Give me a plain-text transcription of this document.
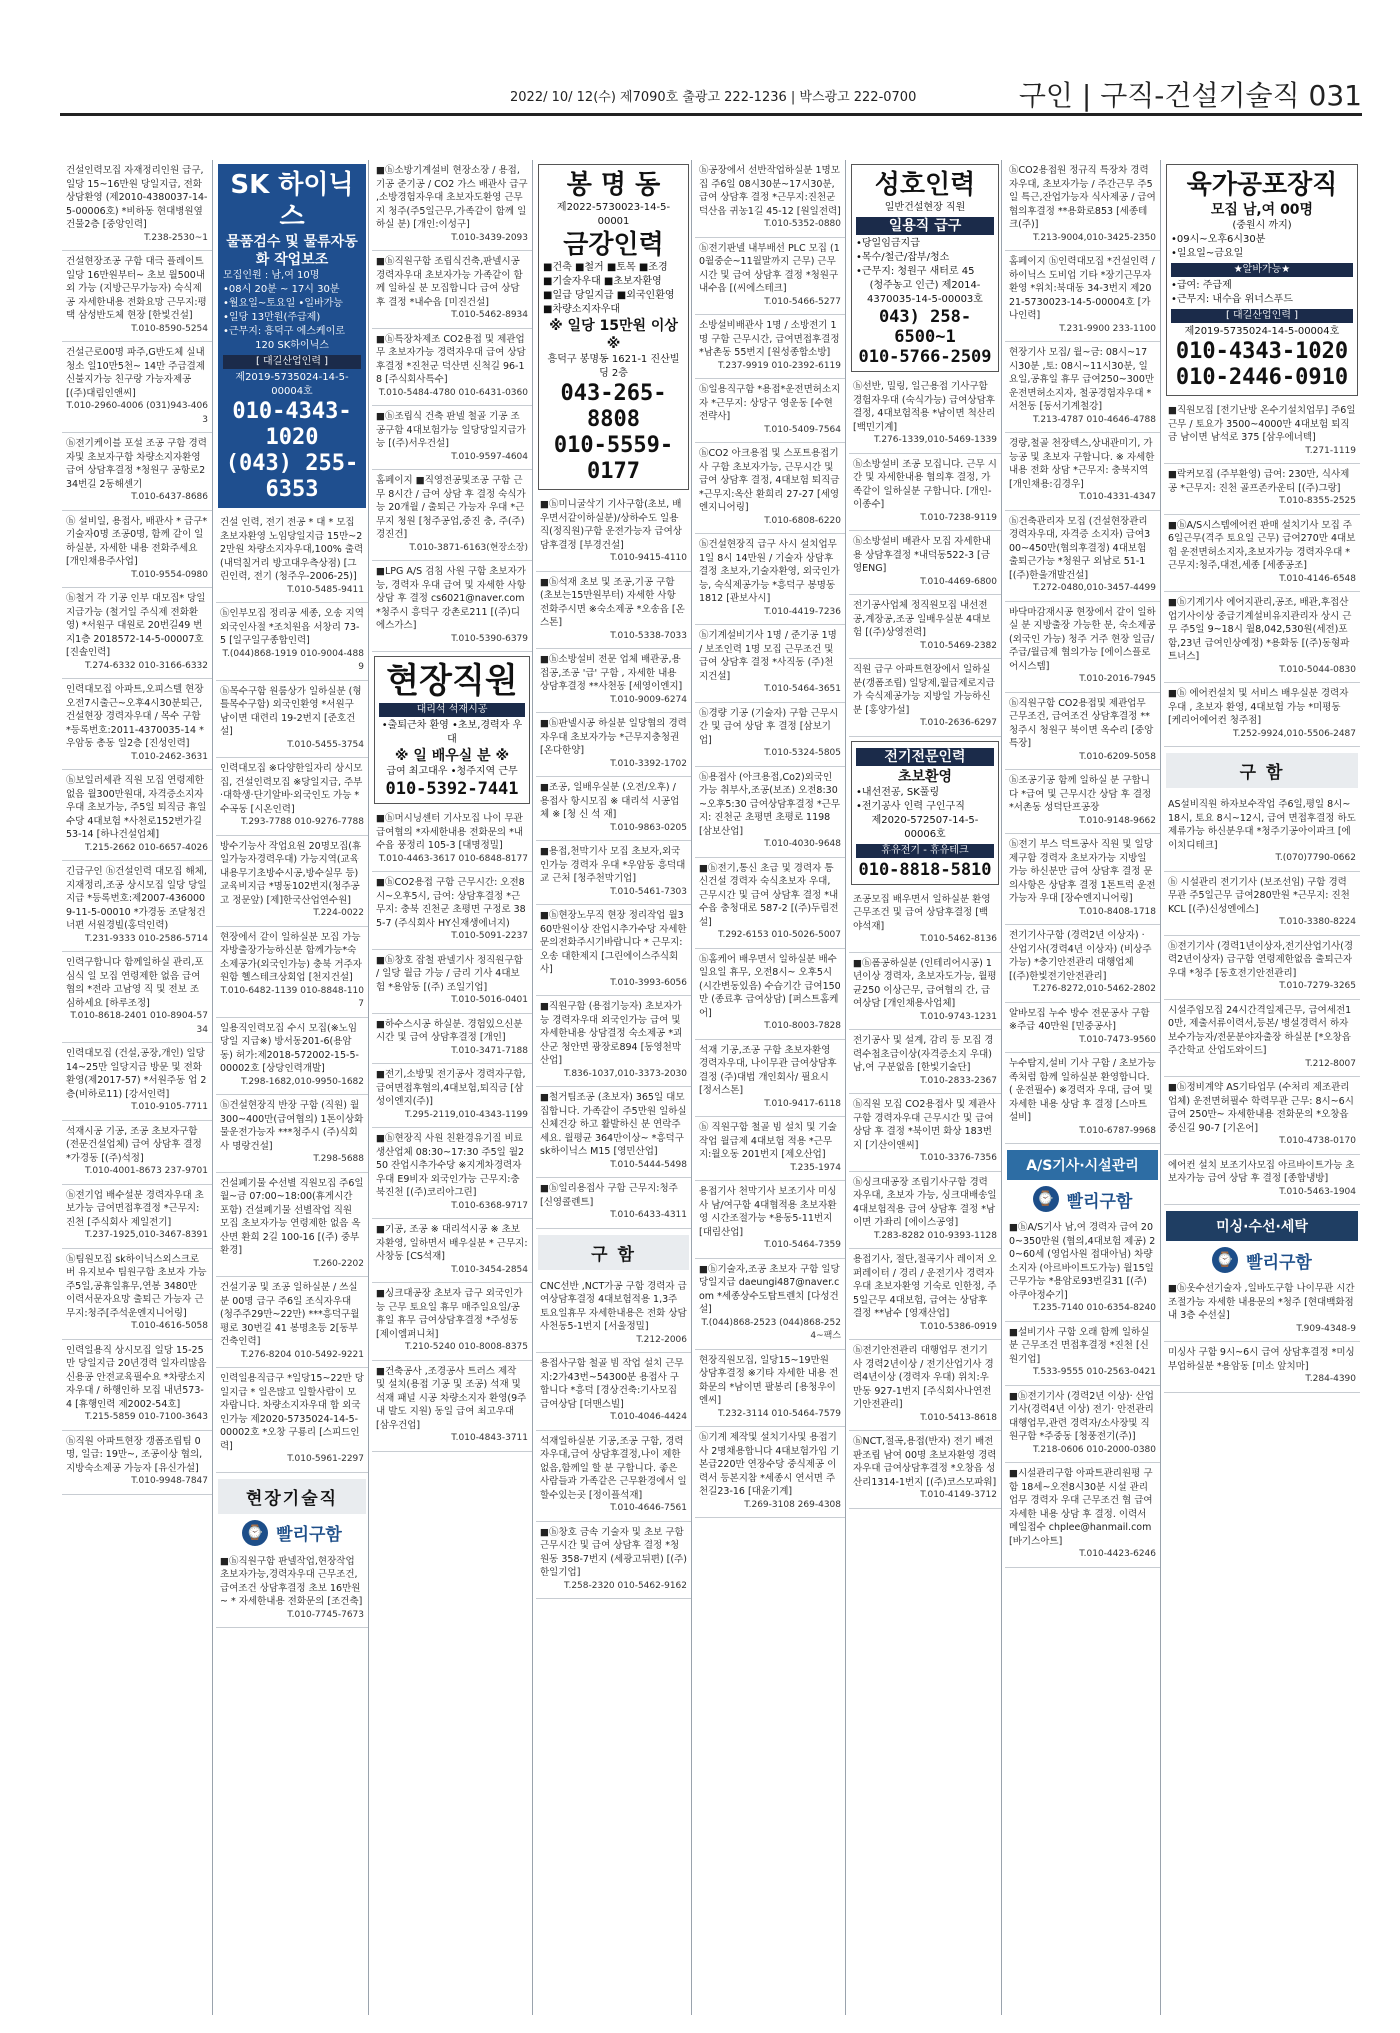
2022/ 10/ 12(수) 제7090호 출광고 222-1236 | 박스광고 222-0700	구인 | 구직-건설기술직 031
건설인력모집 자재정리인원 급구, 일당 15~16만원 당일지급, 전화상담환영 (제2010-4380037-14-5-00006호) *비하동 현대병원옆 건물2층 [중앙인력]
T.238-2530~1
건설현장조공 구함 대극 플레이트 일당 16만원부터~ 초보 월500내외 가능 (지방근무가능자) 숙식제공 자세한내용 전화요망 근무지:평택 삼성반도체 현장 [한빛건설]
T.010-8590-5254
건설근로00명 파주,G반도체 실내청소 일10만5천~ 14만 주급결제 신불지가능 친구랑 가능자제공 [(주)대림인앤씨]
T.010-2960-4006 (031)943-4063
ⓗ전기케이블 포설 조공 구함 경력자및 초보자구함 차량소지자환영 급여 상담후결정 *청원구 공항로234번길 2동해센기
T.010-6437-8686
ⓗ 설비일, 용접사, 배관사 * 급구* 기술자0명 조공0명, 함께 같이 일하실분, 자세한 내용 전화주세요 [개인채용주사업]
T.010-9554-0980
ⓗ철거 각 기공 인부 대모집* 당일지급가능 (철거일 주식제 전화환영) *서원구 대원로 20번길49 번지1층 2018572-14-5-00007호 [진솔인력]
T.274-6332 010-3166-6332
인력대모집 아파트,오피스텔 현장 오전7시출근~오후4시30분퇴근, 건설현장 경력자우대 / 목수 구함 *등록번호:2011-4370035-14 *우암동 총동 일2층 [진성인력]
T.010-2462-3631
ⓗ보일러세관 직원 모집 연령제한없음 월300만원대, 자격증소지자우대 초보가능, 주5일 퇴직금 휴일수당 4대보험 *사천로152번가길 53-14 [하나건설업체]
T.215-2662 010-6657-4026
긴급구인 ⓗ건설인력 대모집 해체,지재정리,조공 상시모집 일당 당일지급 *등록번호:제2007-4360009-11-5-00010 *가경동 조달청건너편 서원경빌(홍덕인력)
T.231-9333 010-2586-5714
인력구합니다 함께일하실 관리,포심식 일 모집 연령제한 없음 급여협의 *전라 고남영 직 및 전보 조심하세요 [하루조정]
T.010-8618-2401 010-8904-5734
인력대모집 (건설,공장,개인) 일당14~25만 일당지급 방문 및 전화 환영(제2017-57) *서원주동 업 2층(비하로11) [강서인력]
T.010-9105-7711
석재시공 기공, 조공 초보자구함 (전문건설업체) 급여 상담후 결정 *가경동 [(주)석정]
T.010-4001-8673 237-9701
ⓗ전기업 배수설분 경력자우대 초보가능 급여면접후결정 *근무지:진천 [주식회사 제일전기]
T.237-1925,010-3467-8391
ⓗ팀원모집 sk하이닉스외스크로버 유지보수 팀원구함 초보자 가능 주5일,공휴일휴무,연봉 3480만 이력서문자요망 출퇴근 가능자 근무지:청주[주석운엔지니어링]
T.010-4616-5058
인력일용직 상시모집 일당 15-25만 당일지급 20년경력 일자리많음 신용공 안전교육필수요 *차량소지자우대 / 하행인하 모집 내년573-4 [휴행인력 제2002-54호]
T.215-5859 010-7100-3643
ⓗ직원 아파트현장 갱폼조립팀 0명, 일급: 19만~, 조공이상 협의, 지방숙소제공 가능자 [유신가설]
T.010-9948-7847
SK 하이닉스
물품검수 및 물류자동화 작업보조
모집인원 : 남,여 10명
•08시 20분 ~ 17시 30분
•월요일~토요일 •일바가능
•일당 13만원(주급제)
•근무지: 흥덕구 에스케이로
120 SK하이닉스
[ 대길산업인력 ]
제2019-5735024-14-5-00004호
010-4343-1020
(043) 255-6353
건설 인력, 전기 전공 * 대 * 모집 초보자환영 노임당일지급 15만~22만원 차량소지자우대,100% 출력 (내덕칠거리 방고대우측상점) [그린인력, 전기 (청주우-2006-25)]
T.010-5485-9411
ⓗ인부모집 정리공 세종, 오송 지역 외국인사절 *조치원읍 서창리 73-5 [일구일구종합인력]
T.(044)868-1919 010-9004-4889
ⓗ목수구함 원룸상가 일하실분 (형틀목수구함) 외국인환영 *서원구 남이면 대련리 19-2번지 [준호건설]
T.010-5455-3754
인력대모집 ※다양한일자리 상시모집, 건설인력모집 ※당일지급, 주부·대학생·단기알바·외국인도 가능 *수곡동 [시온인력]
T.293-7788 010-9276-7788
방수기능사 작업요원 20명모집(휴일가능자경력우대) 가능지역(교육내용무기초방수시공,방수실무 등) 교육비지급 *명동102번지(청주공고 정문앞) [제]한국산업연수원]
T.224-0022
현장에서 같이 일하실분 모집 가능 자방출장가능하신분 함께가능*숙소제공가(외국인가능) 충북 거주자원함 헬스테크상회업 [천지건설]
T.010-6482-1139 010-8848-1107
일용직인력모집 수시 모집(※노임당일 지급※) 방서동201-6(용암동) 허가:제2018-572002-15-5-00002호 [상당인력개발]
T.298-1682,010-9950-1682
ⓗ건설현장직 반장 구함 (직원) 월300~400만(급여협의) 1톤이상화물운전가능자 ***청주시 (주)식회사 명랑건설]
T.298-5688
건설폐기물 수선별 직원모집 주6일 월~금 07:00~18:00(휴게시간 포함) 건설폐기물 선별작업 직원 모집 초보자가능 연령제한 없음 옥산면 환희 2길 100-16 [(주) 중부환경]
T.260-2202
건설기공 및 조공 일하실분 / 쓰실분 00명 급구 주6일 조식자우대 (청주주29만~22만) ***흥덕구월평로 30번길 41 봉명초등 2[동부건축인력]
T.276-8204 010-5492-9221
인력일용직급구 *일당15~22만 당일지급 * 일은많고 일할사람이 모자랍니다. 차량소지자우대 합 외국인가능 제2020-5735024-14-5-00002호 *오창 구룡리 [스피드인력]
T.010-5961-2297
현장기술직
⌚ 빨리구함
■ⓗ직원구함 판넬작업,현장작업 초보자가능,경력자우대 근무조건,급여조건 상담후결정 초보 16만원~ * 자세한내용 전화문의 [조건축]
T.010-7745-7673
■ⓗ소방기계설비 현장소장 / 용접,기공 준기공 / CO2 가스 배관사 급구 ,소방경험자우대 초보자도환영 근무지 청주(주5일근무,가족같이 함께 일하실 분) [개인:이성구]
T.010-3439-2093
■ⓗ직원구함 조립식건축,판넬시공 경력자우대 초보자가능 가족같이 함께 일하실 분 모집합니다 급여 상담 후 결정 *내수읍 [미진건설]
T.010-5462-8934
■ⓗ특장차제조 CO2용접 및 제관업무 초보자가능 경력자우대 급여 상담후결정 *진천군 덕산면 신척길 96-18 [주식회사특수]
T.010-5484-4780 010-6431-0360
■ⓗ조립식 건축 판넬 철골 기공 조공구함 4대보험가능 일당당일지급가능 [(주)서우건설]
T.010-9597-4604
홈페이지 ■직영전공및조공 구함 근무 8시간 / 급여 상담 후 결정 숙식가능 20개월 / 출퇴근 가능자 우대 *근무지 청원 [청주공업,중진 충, 주(주)경진건]
T.010-3871-6163(현장소장)
■LPG A/S 검침 사원 구함 초보자가능, 경력자 우대 급여 및 자세한 사항 상담 후 결정 cs6021@naver.com *청주시 흥덕구 강촌로211 [(주)디에스가스]
T.010-5390-6379
현장직원
대리석 석재시공
•출퇴근차 환영 •초보,경력자 우대
※ 일 배우실 분 ※
급여 최고대우 •청주지역 근무
010-5392-7441
■ⓗ머시닝센터 기사모집 나이 무관 급여협의 *자세한내용 전화문의 *내수읍 풍정리 105-3 [대명정밀]
T.010-4463-3617 010-6848-8177
■ⓗCO2용접 구함 근무시간: 오전8시~오후5시, 급여: 상담후결정 *근무지: 충북 진천군 초평면 구정로 385-7 (주식회사 HY신재생에너지)
T.010-5091-2237
■ⓗ창호 잡철 판넬기사 정직원구함 / 일당 월급 가능 / 금리 기사 4대보험 *용암동 [(주) 조일기업]
T.010-5016-0401
■하수스시공 하실분. 경험있으신분 시간 및 급여 상담후결정 [개인]
T.010-3471-7188
■전기,소방및 전기공사 경력자구함, 급여면접후협의,4대보험,퇴직금 [삼성이엔지(주)]
T.295-2119,010-4343-1199
■ⓗ현장직 사원 친환경유기질 비료생산업체 08:30~17:30 주5일 월250 잔업시추가수당 ※지게차경력자우대 E9비자 외국인가능 근무지:충북진천 [(주)코리아그린]
T.010-6368-9717
■기공, 조공 ※ 대리석시공 ※ 초보자환영, 일하면서 배우실분 * 근무지: 사창동 [CS석재]
T.010-3454-2854
■싱크대공장 초보자 급구 외국인가능 근무 토요일 휴무 매주일요일/공휴일 휴무 급여상담후결정 *주성동 [제이엠퍼니처]
T.210-5240 010-8008-8375
■건축공사 ,조경공사 트러스 제작 및 설치(용접 기공 및 조공) 석재 및 석재 패널 시공 차량소지자 환영(9주내 발도 지원) 동일 급여 최고우대 [삼우건업]
T.010-4843-3711
봉 명 동
제2022-5730023-14-5-00001
금강인력
■건축 ■철거 ■토목 ■조경
■기술자우대 ■초보자환영
■일급 당일지급 ■외국인환영
■차량소지자우대
※ 일당 15만원 이상 ※
흥덕구 봉명동 1621-1 진산빌딩 2층
043-265-8808
010-5559-0177
■ⓗ미니굴삭기 기사구함(초보, 배우면서같이하실분)/상하수도 일용직(정직원)구함 운전가능자 급여상담후결정 [부경건설]
T.010-9415-4110
■ⓗ석재 초보 및 조공,기공 구함(초보는15만원부터) 자세한 사항 전화주시면 ※숙소제공 *오송읍 [온스톤]
T.010-5338-7033
■ⓗ소방설비 전문 업체 배관공,용접공,조공 '급' 구함 , 자세한 내용 상담후결정 **사천동 [세영이엔지]
T.010-9009-6274
■ⓗ판넬시공 하실분 일당협의 경력자우대 초보자가능 *근무지충청권 [온다한양]
T.010-3392-1702
■조공, 일배우실분 (오전/오후) / 용접사 항시모집 ※ 대리석 시공업체 ※ [청 신 석 재]
T.010-9863-0205
■용접,천막기사 모집 초보자,외국인가능 경력자 우대 *우암동 흥덕대교 근처 [청주천막기업]
T.010-5461-7303
■ⓗ현장노무직 현장 정리작업 월360만원이상 잔업시추가수당 자세한문의전화주시기바랍니다 * 근무지: 오송 대한제지 [그린에이스주식회사]
T.010-3993-6056
■직원구함 (용접기능자) 초보자가능 경력자우대 외국인가능 급여 및 자세한내용 상담결정 숙소제공 *괴산군 청안면 광장로894 [동영천막산업]
T.836-1037,010-3373-2030
■철거팀조공 (초보자) 365일 대모집합니다. 가족같이 주5만원 일하실 신체건강 하고 활발하신 분 연락주세요. 월평균 364만이상~ *흥덕구 sk하이닉스 M15 [영민산업]
T.010-5444-5498
■ⓗ일리용접사 구함 근무지:청주 [신영콜렌트]
T.010-6433-4311
구 함
CNC선반 ,NCT가공 구함 경력자 급여상담후결정 4대보험적용 1,3주 토요일휴무 자세한내용은 전화 상담 사천동5-1번지 [서울정밀]
T.212-2006
용접사구함 철골 빔 작업 설치 근무지:2가43번~54300분 용접사 구합니다 *흥덕 [경상건축:기사모집 급여상담 [더맨스빌]
T.010-4046-4424
석재일하실분 기공,조공 구함, 경력자우대,급여 상담후결정,나이 제한없음,함께일 할 분 구합니다. 좋은 사람들과 가족같은 근무환경에서 일 할수있는곳 [정이플석재]
T.010-4646-7561
■ⓗ창호 금속 기술자 및 초보 구함 근무시간 및 급여 상담후 결정 *청원동 358-7번지 (세광고뒤편) [(주)한일기업]
T.258-2320 010-5462-9162
ⓗ공장에서 선반작업하실분 1명모집 주6일 08시30분~17시30분, 급여 상담후 결정 *근무지:진천군 덕산읍 귀농1길 45-12 [원일전력]
T.010-5352-0880
ⓗ전기판넬 내부배선 PLC 모집 (10월중순~11월말까지 근무) 근무시간 및 급여 상담후 결정 *청원구 내수읍 [(씨에스테크]
T.010-5466-5277
소방설비배관사 1명 / 소방전기 1명 구함 근무시간, 급여면접후결정 *남촌동 55번지 [원성종합소방]
T.237-9919 010-2392-6119
ⓗ일용직구함 *용접*운전면허소지자 *근무지: 상당구 영운동 [수현전략사]
T.010-5409-7564
ⓗCO2 아크용접 및 스포트용접기사 구함 초보자가능, 근무시간 및 급여 상담후 결정, 4대보험 퇴직금 *근무지:옥산 환희리 27-27 [세영엔지니어링]
T.010-6808-6220
ⓗ건설현장직 급구 사시 설치업무 1일 8시 14만원 / 기술자 상담후결정 초보자,기술자환영, 외국인가능, 숙식제공가능 *흥덕구 봉명동 1812 [관보사시]
T.010-4419-7236
ⓗ기계설비기사 1명 / 준기공 1명 / 보조인력 1명 모집 근무조건 및 급여 상담후 결정 *사직동 (주)천지건설]
T.010-5464-3651
ⓗ경량 기공 (기술자) 구함 근무시간 및 급여 상담 후 결정 [삼보기업]
T.010-5324-5805
ⓗ용접사 (아크용접,Co2)외국인가능 취부사,조공(보조) 오전8:30~오후5:30 급여상담후결정 *근무지: 진천군 초평면 초평로 1198 [삼보산업]
T.010-4030-9648
■ⓗ전기,통신 초급 및 경력자 통신건설 경력자 숙식초보자 우대, 근무시간 및 급여 상담후 결정 *내수읍 충청대로 587-2 [(주)두림전설]
T.292-6153 010-5026-5007
ⓗ홈케어 배우면서 일하실분 배수 일요일 휴무, 오전8시~ 오후5시(시간변동있음) 수습기간 급여150만 (종료후 급여상담) [퍼스트홈케어]
T.010-8003-7828
석재 기공,조공 구함 초보자환영 경력자우대, 나이무관 급여상담후 결정 (주)대법 개인회사/ 필요시 [정서스톤]
T.010-9417-6118
ⓗ 직원구함 철골 빔 설치 및 기술작업 월급제 4대보험 적용 *근무지:월오동 201번지 [제오산업]
T.235-1974
용접기사 천막기사 보조기사 미싱사 남/여구함 4대협적용 초보자환영 시간조절가능 *용동5-11번지 [대림산업]
T.010-5464-7359
■ⓗ기술자,조공 초보자 구함 일당 당일지급 daeungi487@naver.com *세종상수도탑트렌치 [다성건설]
T.(044)868-2523 (044)868-2524~팩스
현장직원모집, 일당15~19만원 상담후결정 ※기타 자세한 내용 전화문의 *남이면 팔봉리 [용청우이엔씨]
T.232-3114 010-5464-7579
ⓗ기계 제작및 설치기사및 용접기사 2명채용합니다 4대보험가입 기본급220만 연장수당 중식제공 이력서 등본지참 *세종시 연서면 주천길23-16 [대윤기계]
T.269-3108 269-4308
성호인력
일반건설현장 직원
일용직 급구
•당일임금지급
•목수/철근/잡부/청소
•근무지: 청원구 새터로 45
(청주농고 인근) 제2014-4370035-14-5-00003호
043) 258-6500~1
010-5766-2509
ⓗ선반, 밀링, 일근용접 기사구함 경험자우대 (숙식가능) 급여상담후결정, 4대보험적용 *남이면 척산리 [백민기계]
T.276-1339,010-5469-1339
ⓗ소방설비 조공 모집니다. 근무 시간 및 자세한내용 협의후 결정, 가족같이 일하실분 구합니다. [개인-이종수]
T.010-7238-9119
ⓗ소방설비 배관사 모집 자세한내용 상담후결정 *내덕동522-3 [금영ENG]
T.010-4469-6800
전기공사업체 정직원모집 내선전공,계장공,조공 일배우실분 4대보험 [(주)상영전력]
T.010-5469-2382
직원 급구 아파트현장에서 일하실분(갱폼조립) 일당제,월급제로지급가 숙식제공가능 지방일 가능하신분 [홍양가설]
T.010-2636-6297
전기전문인력
초보환영
•내선전공, SK풀링
•전기공사 인력 구인구직
제2020-572507-14-5-00006호
휴유전기 - 휴유테크
010-8818-5810
조공모집 배우면서 일하실분 환영 근무조건 및 급여 상담후결정 [백야석재]
T.010-5462-8136
■ⓗ폼공하실분 (인테리어시공) 1년이상 경력자, 초보자도가능, 월평균250 이상근무, 급여협의 간, 급여상담 [개인채용사업체]
T.010-9743-1231
전기공사 및 설계, 감리 등 모집 경력수첩초급이상(자격증소지 우대) 남,여 구분없음 [한빛기술단]
T.010-2833-2367
ⓗ직원 모집 CO2용접사 및 제관사 구함 경력자우대 근무시간 및 급여 상담 후 결정 *북이면 화상 183번지 [기산이앤씨]
T.010-3376-7356
ⓗ싱크대공장 조립기사구함 경력자우대, 초보자 가능, 싱크대배송일 4대보험적용 급여 상담후 결정 *남이면 가좌리 [에이스공영]
T.283-8282 010-9393-1128
용접기사, 절단,절곡기사 레이저 오퍼레이터 / 경리 / 운전기사 경력자우대 초보자환영 기숙로 인한정, 주5일근무 4대보험, 급여는 상담후 결정 **남수 [영재산업]
T.010-5386-0919
ⓗ전기안전관리 대행업무 전기기사 경력2년이상 / 전기산업기사 경력4년이상 (경력자 우대) 위치:우만동 927-1번지 [주식회사나연전기안전관리]
T.010-5413-8618
ⓗNCT,절곡,용접(반자) 전기 배전판조립 남여 00명 초보자환영 경력자우대 급여상담후결정 *오창읍 성산리1314-1번지 [(주)코스모파워]
T.010-4149-3712
ⓗCO2용접원 정규직 특장차 경력자우대, 초보자가능 / 주간근무 주5일 특근,잔업가능자 식사제공 / 급여 협의후결정 **용화로853 [세종테크(주)]
T.213-9004,010-3425-2350
홈페이지 ⓗ인력대모집 *건설인력 / 하이닉스 도비업 기타 *장기근무자 환영 *위치:북대동 34-3번지 제2021-5730023-14-5-00004호 [가나인력]
T.231-9900 233-1100
현장기사 모집/ 월~금: 08시~17시30분 ,토: 08시~11시30분, 일요일,공휴일 휴무 급여250~300만 운전면허소지자, 철공경험자우대 *서천동 [동서기계철강]
T.213-4787 010-4646-4788
경량,철골 천장텍스,상내관미기, 가능공 및 초보자 구합니다. ※ 자세한 내용 전화 상담 *근무지: 충북지역 [개인채용:김경우]
T.010-4331-4347
ⓗ건축관리자 모집 (건설현장관리 경력자우대, 자격증 소지자) 급여300~450만(협의후결정) 4대보험 출퇴근가능 *청원구 외남로 51-1 [(주)한울개발건설]
T.272-0480,010-3457-4499
바닥마감재시공 현장에서 같이 일하실 분 지방출장 가능한 분, 숙소제공 (외국인 가능) 청주 거주 현장 일급/주급/월급제 협의가능 [에이스플로어시스템]
T.010-2016-7945
ⓗ직원구함 CO2용접및 제관업무 근무조건, 급여조건 상담후결정 ** 청주시 청원구 북이면 옥수리 [중앙특장]
T.010-6209-5058
ⓗ조공기공 함께 일하실 분 구합니다 *급여 및 근무시간 상담 후 결정 *서촌동 성덕단프공장
T.010-9148-9662
ⓗ전기 부스 덕트공사 직원 및 일당제구함 경력자 초보자가능 지방일 가능 하신분만 급여 상담후 결정 문의사항은 상담후 결정 1톤트럭 운전가능자 우대 [장수엔지니어링]
T.010-8408-1718
전기기사구함 (경력2년 이상자) · 산업기사(경력4년 이상자) (비상주 가능) *충기안전관리 대행업체 [(주)한빛전기안전관리]
T.276-8272,010-5462-2802
알바모집 누수 방수 전문공사 구함 ※주급 40만원 [민중공사]
T.010-7473-9560
누수탐지,설비 기사 구함 / 초보가능 족처럼 함께 일하실분 환영합니다. ( 운전필수) ※경력자 우대, 급여 및 자세한 내용 상담 후 결정 [스마트설비]
T.010-6787-9968
A/S기사·시설관리
⌚ 빨리구함
■ⓗA/S기사 남,여 경력자 급여 200~350만원 (협의,4대보험 제공) 20~60세 (영업사원 접대아님) 차량소지자 (아르바이트도가능) 월15일 근무가능 *용암로93번길31 [(주)아쿠아정수기]
T.235-7140 010-6354-8240
■설비기사 구함 오래 함께 일하실분 근무조건 면접후결정 *진천 [신원기업]
T.533-9555 010-2563-0421
■ⓗ전기기사 (경력2년 이상)· 산업기사(경력4년 이상) 전기· 안전관리 대행업무,관련 경력자/소사장및 직원구함 *주중동 [청풍전기(주)]
T.218-0606 010-2000-0380
■시설관리구함 아파트관리원평 구함 18세~오전8시30분 시설 관리업무 경력자 우대 근무조건 협 급여 자세한 내용 상담 후 결정. 이력서 메일접수 chplee@hanmail.com [바기스아트]
T.010-4423-6246
육가공포장직
모집 남,여 00명
(중원시 까지)
•09시~오후6시30분
•일요일~금요일
★알바가능★
•급여: 주급제
•근무지: 내수읍 위너스푸드
[ 대길산업인력 ]
제2019-5735024-14-5-00004호
010-4343-1020
010-2446-0910
■직원모집 [전기난방 온수기설치업무] 주6일근무 / 토요가 3500~4000만 4대보험 퇴직금 남이면 남석로 375 [삼우에너텍]
T.271-1119
■락커모집 (주부환영) 급여: 230만, 식사제공 *근무지: 진천 골프존카운티 [(주)그랑]
T.010-8355-2525
■ⓗA/S시스템에어컨 판매 설치기사 모집 주6일근무(격주 토요일 근무) 급여270만 4대보험 운전면허소지자,초보자가능 경력자우대 *근무지:청주,대전,세종 [세종공조]
T.010-4146-6548
■ⓗ기계기사 에어지관리,공조, 배관,후접산업기사이상 중급기계설비유지관리자 상시 근무 주5일 9~18시 월8,042,530원(세전)포함,23년 급여인상예정) *용화동 [(주)동형파트너스]
T.010-5044-0830
■ⓗ 에어컨설치 및 서비스 배우실분 경력자우대 , 초보자 환영, 4대보험 가능 *미평동 [케리어에어컨 청주점]
T.252-9924,010-5506-2487
구 함
AS설비직원 하자보수작업 주6일,평일 8시~18시, 토요 8시~12시, 급여 면접후결정 하도제류가능 하신분우대 *청주기공아이파크 [에이치디테크]
T.(070)7790-0662
ⓗ 시설관리 전기기사 (보조선임) 구함 경력무관 주5일근무 급여280만원 *근무지: 진천 KCL [(주)신성엔에스]
T.010-3380-8224
ⓗ전기기사 (경력1년이상자,전기산업기사(경력2년이상자) 급구함 연령제한없음 출퇴근자우대 *청주 [동호전기안전관리]
T.010-7279-3265
시설주임모집 24시간격일제근무, 급여세전10만, 제출서류이력서,등본/ 병설경력서 하자보수가능자/전문분야자출장 하실분 [*오창읍 주간학교 산업도와이드]
T.212-8007
■ⓗ정비계약 AS기타업무 (수처리 제조관리업체) 운전면허필수 학력무관 근무: 8시~6시 급여 250만~ 자세한내용 전화문의 *오창읍 중신길 90-7 [기온어]
T.010-4738-0170
에어컨 설치 보조기사모집 아르바이트가능 초보자가능 급여 상담 후 결정 [종합냉방]
T.010-5463-1904
미싱·수선·세탁
⌚ 빨리구함
■ⓗ옷수선기술자 ,일바도구함 나이무관 시간조절가능 자세한 내용문의 *청주 [현대백화점내 3층 수선실]
T.909-4348-9
미싱사 구함 9시~6시 급여 상담후결정 *미싱부업하실분 *용암동 [미소 앞치마]
T.284-4390
